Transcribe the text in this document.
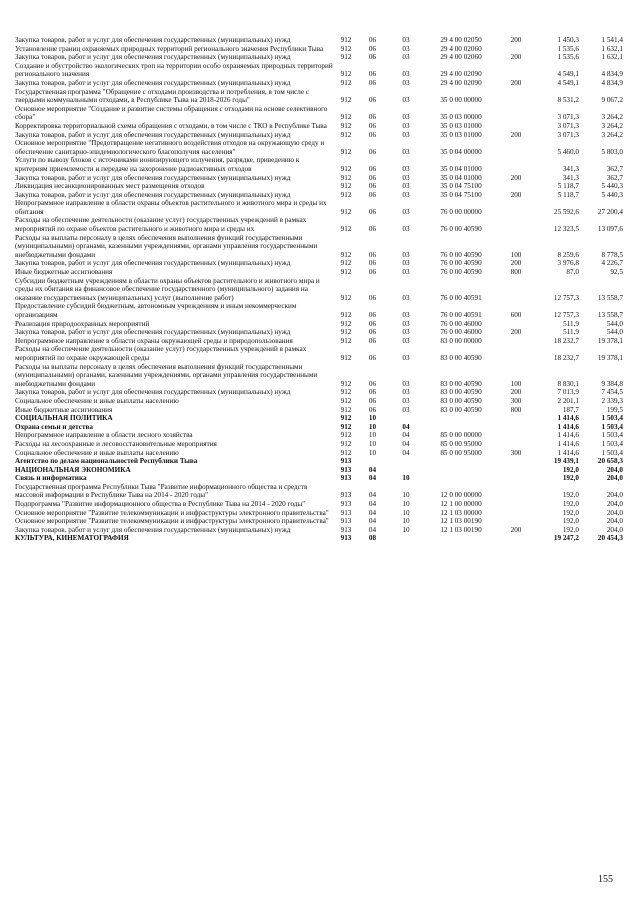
Закупка товаров, работ и услуг для обеспечения государственных (муниципальных) нужд	912	06	03	29 4 00 02050	200	1 450,3	1 541,4
Установление границ охраняемых природных территорий регионального значения Республики Тыва	912	06	03	29 4 00 02060		1 535,6	1 632,1
Закупка товаров, работ и услуг для обеспечения государственных (муниципальных) нужд	912	06	03	29 4 00 02060	200	1 535,6	1 632,1
Создание и обустройство экологических троп на территории особо охраняемых природных территорий регионального значения	912	06	03	29 4 00 02090		4 549,1	4 834,9
Закупка товаров, работ и услуг для обеспечения государственных (муниципальных) нужд	912	06	03	29 4 00 02090	200	4 549,1	4 834,9
Государственная программа "Обращение с отходами производства и потребления, в том числе с твердыми коммунальными отходами, в Республике Тыва на 2018-2026 годы"	912	06	03	35 0 00 00000		8 531,2	9 067,2
Основное мероприятие "Создание и развитие системы обращения с отходами на основе селективного сбора"	912	06	03	35 0 03 00000		3 071,3	3 264,2
Корректировка территориальной схемы обращения с отходами, в том числе с ТКО в Республике Тыва	912	06	03	35 0 03 01000		3 071,3	3 264,2
Закупка товаров, работ и услуг для обеспечения государственных (муниципальных) нужд	912	06	03	35 0 03 01000	200	3 071,3	3 264,2
Основное мероприятие "Предотвращение негативного воздействия отходов на окружающую среду и обеспечение санитарно-эпидемиологического благополучия населения"	912	06	03	35 0 04 00000		5 460,0	5 803,0
Услуги по вывозу блоков с источниками ионизирующего излучения, разрядке, приведению к критериям приемлемости и передаче на захоронение радиоактивных отходов	912	06	03	35 0 04 01000		341,3	362,7
Закупка товаров, работ и услуг для обеспечения государственных (муниципальных) нужд	912	06	03	35 0 04 01000	200	341,3	362,7
Ликвидация несанкционированных мест размещения отходов	912	06	03	35 0 04 75100		5 118,7	5 440,3
Закупка товаров, работ и услуг для обеспечения государственных (муниципальных) нужд	912	06	03	35 0 04 75100	200	5 118,7	5 440,3
Непрограммное направление в области охраны объектов растительного и животного мира и среды их обитания	912	06	03	76 0 00 00000		25 592,6	27 200,4
Расходы на обеспечение деятельности (оказание услуг) государственных учреждений в рамках мероприятий по охране объектов растительного и животного мира и среды их	912	06	03	76 0 00 40590		12 323,5	13 097,6
Расходы на выплаты персоналу в целях обеспечения выполнения функций государственными (муниципальными) органами, казенными учреждениями, органами управления государственными внебюджетными фондами	912	06	03	76 0 00 40590	100	8 259,6	8 778,5
Закупка товаров, работ и услуг для обеспечения государственных (муниципальных) нужд	912	06	03	76 0 00 40590	200	3 976,8	4 226,7
Иные бюджетные ассигнования	912	06	03	76 0 00 40590	800	87,0	92,5
Субсидии бюджетным учреждениям в области охраны объектов растительного и животного мира и среды их обитания на финансовое обеспечение государственного (муниципального) задания на оказание государственных (муниципальных) услуг (выполнение работ)	912	06	03	76 0 00 40591		12 757,3	13 558,7
Предоставление субсидий бюджетным, автономным учреждениям и иным некоммерческим организациям	912	06	03	76 0 00 40591	600	12 757,3	13 558,7
Реализация природоохранных мероприятий	912	06	03	76 0 00 46000		511,9	544,0
Закупка товаров, работ и услуг для обеспечения государственных (муниципальных) нужд	912	06	03	76 0 00 46000	200	511,9	544,0
Непрограммное направление в области охраны окружающей среды и природопользования	912	06	03	83 0 00 00000		18 232,7	19 378,1
Расходы на обеспечение деятельности (оказание услуг) государственных учреждений в рамках мероприятий по охране окружающей среды	912	06	03	83 0 00 40590		18 232,7	19 378,1
Расходы на выплаты персоналу в целях обеспечения выполнения функций государственными (муниципальными) органами, казенными учреждениями, органами управления государственными внебюджетными фондами	912	06	03	83 0 00 40590	100	8 830,1	9 384,8
Закупка товаров, работ и услуг для обеспечения государственных (муниципальных) нужд	912	06	03	83 0 00 40590	200	7 013,9	7 454,5
Социальное обеспечение и иные выплаты населению	912	06	03	83 0 00 40590	300	2 201,1	2 339,3
Иные бюджетные ассигнования	912	06	03	83 0 00 40590	800	187,7	199,5
СОЦИАЛЬНАЯ ПОЛИТИКА	912	10				1 414,6	1 503,4
Охрана семьи и детства	912	10	04			1 414,6	1 503,4
Непрограммное направление в области лесного хозяйства	912	10	04	85 0 00 00000		1 414,6	1 503,4
Расходы на лесоохранные и лесовосстановительные мероприятия	912	10	04	85 0 00 95000		1 414,6	1 503,4
Социальное обеспечение и иные выплаты населению	912	10	04	85 0 00 95000	300	1 414,6	1 503,4
Агентство по делам национальностей Республики Тыва	913					19 439,1	20 658,3
НАЦИОНАЛЬНАЯ ЭКОНОМИКА	913	04				192,0	204,0
Связь и информатика	913	04	10			192,0	204,0
Государственная программа Республики Тыва "Развитие информационного общества и средств массовой информации в Республике Тыва на 2014 - 2020 годы"	913	04	10	12 0 00 00000		192,0	204,0
Подпрограмма "Развитие информационного общества в Республике Тыва на 2014 - 2020 годы"	913	04	10	12 1 00 00000		192,0	204,0
Основное мероприятие "Развитие телекоммуникации и инфраструктуры электронного правительства"	913	04	10	12 1 03 00000		192,0	204,0
Основное мероприятие "Развитие телекоммуникации и инфраструктуры электронного правительства"	913	04	10	12 1 03 00190		192,0	204,0
Закупка товаров, работ и услуг для обеспечения государственных (муниципальных) нужд	913	04	10	12 1 03 00190	200	192,0	204,0
КУЛЬТУРА, КИНЕМАТОГРАФИЯ	913	08				19 247,2	20 454,3
155
